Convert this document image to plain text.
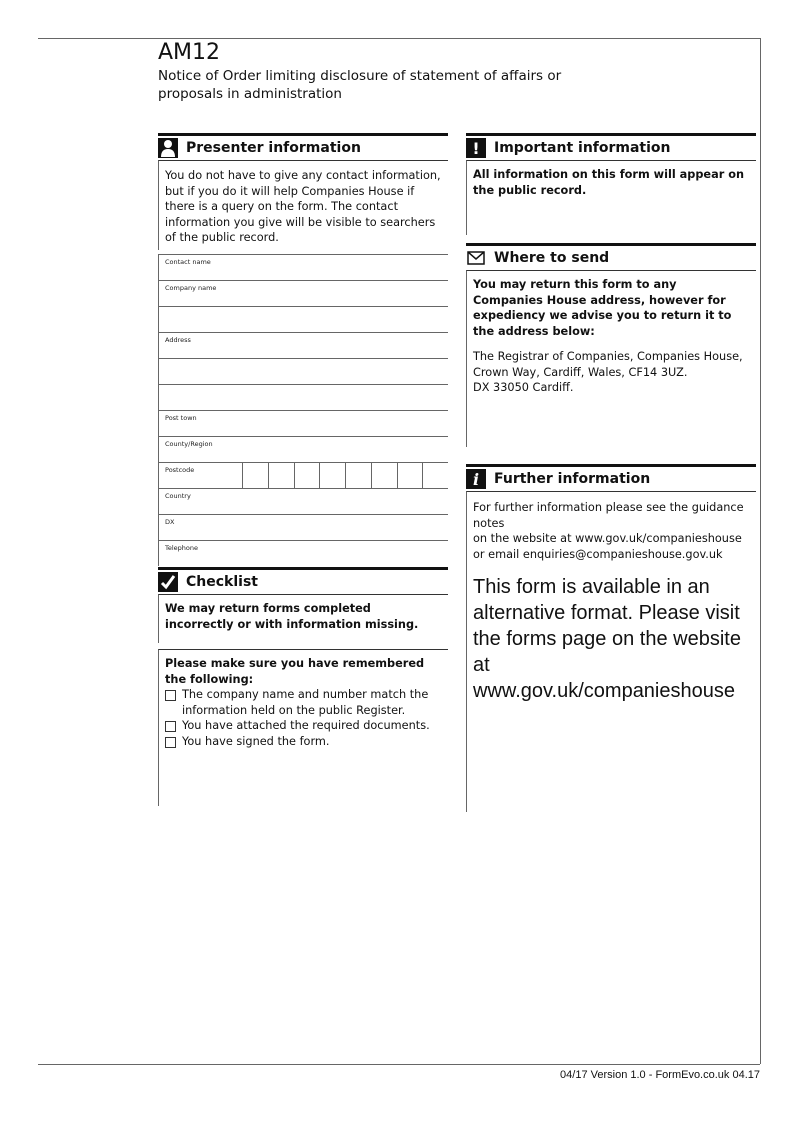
AM12
Notice of Order limiting disclosure of statement of affairs or proposals in administration
Presenter information
You do not have to give any contact information, but if you do it will help Companies House if there is a query on the form. The contact information you give will be visible to searchers of the public record.
Contact name
Company name
Address
Post town
County/Region
Postcode
Country
DX
Telephone
Checklist
We may return forms completed incorrectly or with information missing.
Please make sure you have remembered the following:
The company name and number match the information held on the public Register.
You have attached the required documents.
You have signed the form.
!	Important information
All information on this form will appear on the public record.
Where to send
You may return this form to any Companies House address, however for expediency we advise you to return it to the address below:
The Registrar of Companies, Companies House,
Crown Way, Cardiff, Wales, CF14 3UZ.
DX 33050 Cardiff.
i	Further information
For further information please see the guidance notes
on the website at www.gov.uk/companieshouse
or email enquiries@companieshouse.gov.uk
This form is available in an alternative format. Please visit the forms page on the website at www.gov.uk/companieshouse
04/17 Version 1.0 - FormEvo.co.uk 04.17
